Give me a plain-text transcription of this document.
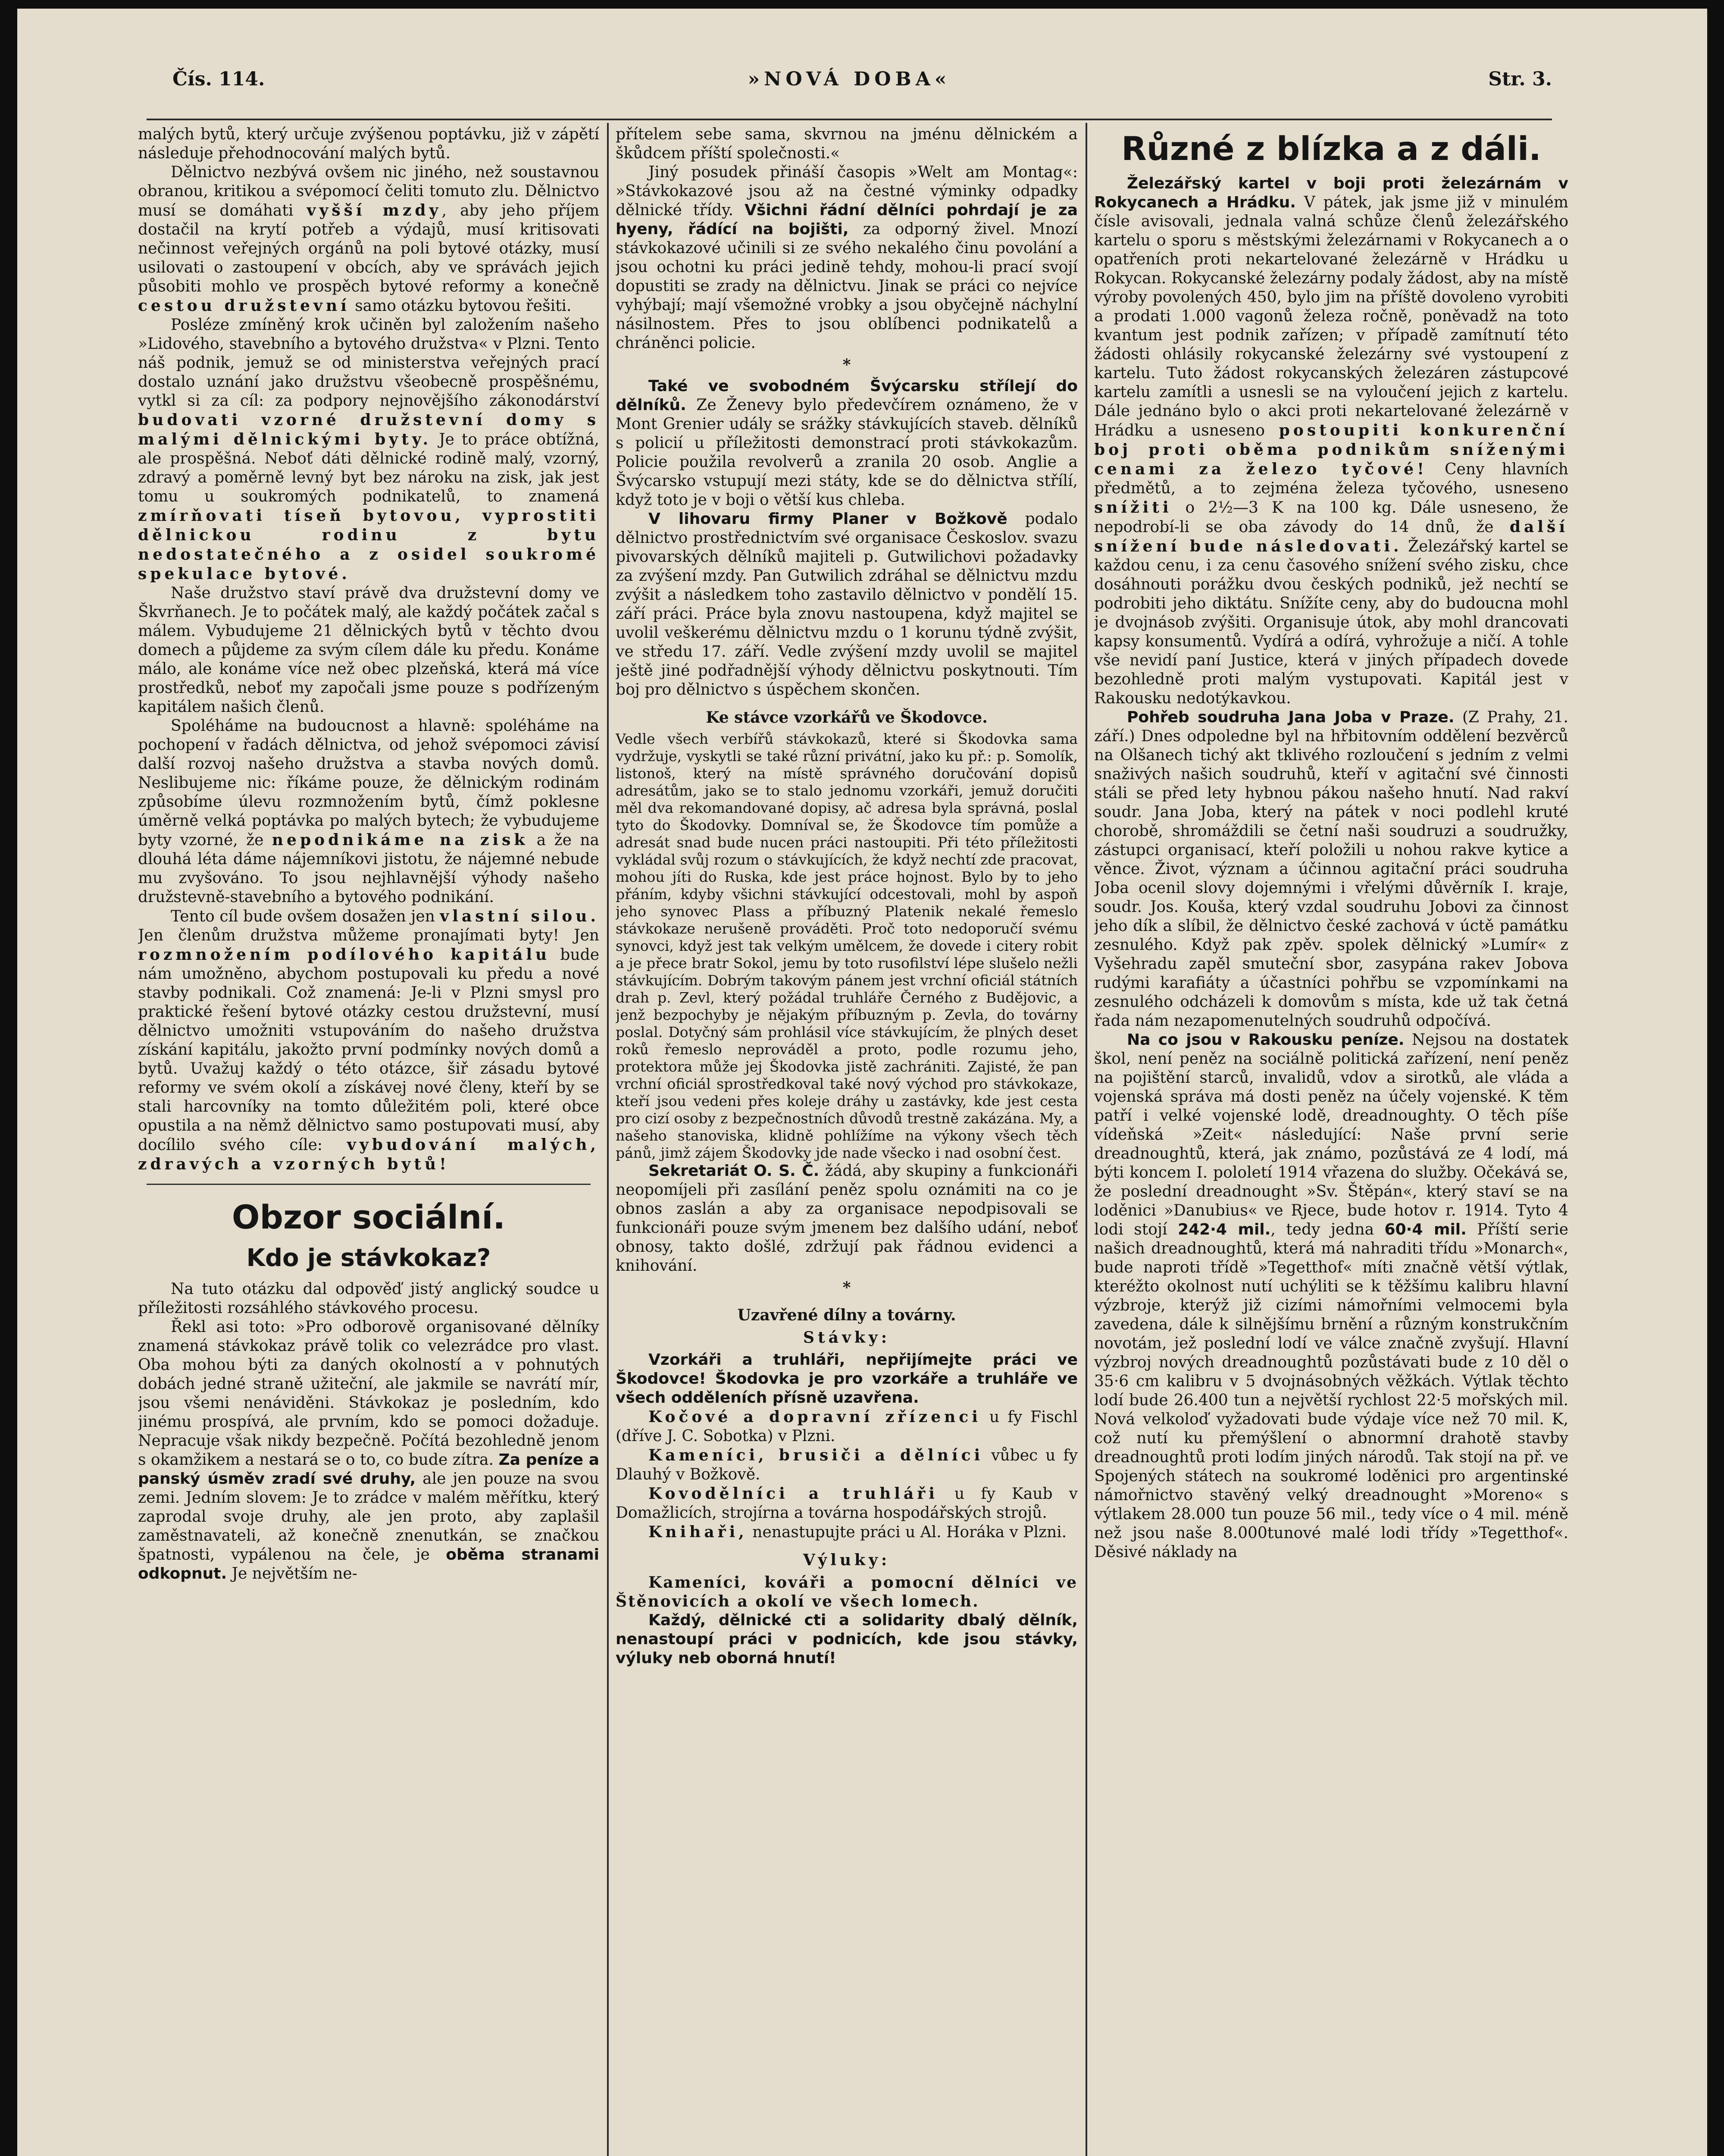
Čís. 114.	»NOVÁ DOBA«	Str. 3.

malých bytů, který určuje zvýšenou poptávku, již v zápětí následuje přehodnocování malých bytů.

Dělnictvo nezbývá ovšem nic jiného, než soustavnou obranou, kritikou a svépomocí čeliti tomuto zlu. Dělnictvo musí se domáhati vyšší mzdy, aby jeho příjem dostačil na krytí potřeb a výdajů, musí kritisovati nečinnost veřejných orgánů na poli bytové otázky, musí usilovati o zastoupení v obcích, aby ve správách jejich působiti mohlo ve prospěch bytové reformy a konečně cestou družstevní samo otázku bytovou řešiti.

Posléze zmíněný krok učiněn byl založením našeho »Lidového, stavebního a bytového družstva« v Plzni. Tento náš podnik, jemuž se od ministerstva veřejných prací dostalo uznání jako družstvu všeobecně prospěšnému, vytkl si za cíl: za podpory nejnovějšího zákonodárství budovati vzorné družstevní domy s malými dělnickými byty. Je to práce obtížná, ale prospěšná. Neboť dáti dělnické rodině malý, vzorný, zdravý a poměrně levný byt bez nároku na zisk, jak jest tomu u soukromých podnikatelů, to znamená zmírňovati tíseň bytovou, vyprostiti dělnickou rodinu z bytu nedostatečného a z osidel soukromé spekulace bytové.

Naše družstvo staví právě dva družstevní domy ve Škvrňanech. Je to počátek malý, ale každý počátek začal s málem. Vybudujeme 21 dělnických bytů v těchto dvou domech a půjdeme za svým cílem dále ku předu. Konáme málo, ale konáme více než obec plzeňská, která má více prostředků, neboť my započali jsme pouze s podřízeným kapitálem našich členů.

Spoléháme na budoucnost a hlavně: spoléháme na pochopení v řadách dělnictva, od jehož svépomoci závisí další rozvoj našeho družstva a stavba nových domů. Neslibujeme nic: říkáme pouze, že dělnickým rodinám způsobíme úlevu rozmnožením bytů, čímž poklesne úměrně velká poptávka po malých bytech; že vybudujeme byty vzorné, že nepodnikáme na zisk a že na dlouhá léta dáme nájemníkovi jistotu, že nájemné nebude mu zvyšováno. To jsou nejhlavnější výhody našeho družstevně-stavebního a bytového podnikání.

Tento cíl bude ovšem dosažen jen vlastní silou. Jen členům družstva můžeme pronajímati byty! Jen rozmnožením podílového kapitálu bude nám umožněno, abychom postupovali ku předu a nové stavby podnikali. Což znamená: Je-li v Plzni smysl pro praktické řešení bytové otázky cestou družstevní, musí dělnictvo umožniti vstupováním do našeho družstva získání kapitálu, jakožto první podmínky nových domů a bytů. Uvažuj každý o této otázce, šiř zásadu bytové reformy ve svém okolí a získávej nové členy, kteří by se stali harcovníky na tomto důležitém poli, které obce opustila a na němž dělnictvo samo postupovati musí, aby docílilo svého cíle: vybudování malých, zdravých a vzorných bytů!

Obzor sociální.
Kdo je stávkokaz?

Na tuto otázku dal odpověď jistý anglický soudce u příležitosti rozsáhlého stávkového procesu.

Řekl asi toto: »Pro odborově organisované dělníky znamená stávkokaz právě tolik co velezrádce pro vlast. Oba mohou býti za daných okolností a v pohnutých dobách jedné straně užiteční, ale jakmile se navrátí mír, jsou všemi nenáviděni. Stávkokaz je posledním, kdo jinému prospívá, ale prvním, kdo se pomoci dožaduje. Nepracuje však nikdy bezpečně. Počítá bezohledně jenom s okamžikem a nestará se o to, co bude zítra. Za peníze a panský úsměv zradí své druhy, ale jen pouze na svou zemi. Jedním slovem: Je to zrádce v malém měřítku, který zaprodal svoje druhy, ale jen proto, aby zaplašil zaměstnavateli, až konečně znenutkán, se značkou špatnosti, vypálenou na čele, je oběma stranami odkopnut. Je největším ne-

přítelem sebe sama, skvrnou na jménu dělnickém a škůdcem příští společnosti.«

Jiný posudek přináší časopis »Welt am Montag«: »Stávkokazové jsou až na čestné výminky odpadky dělnické třídy. Všichni řádní dělníci pohrdají je za hyeny, řádící na bojišti, za odporný živel. Mnozí stávkokazové učinili si ze svého nekalého činu povolání a jsou ochotni ku práci jedině tehdy, mohou-li prací svojí dopustiti se zrady na dělnictvu. Jinak se práci co nejvíce vyhýbají; mají všemožné vrobky a jsou obyčejně náchylní násilnostem. Přes to jsou oblíbenci podnikatelů a chráněnci policie.

*

Také ve svobodném Švýcarsku střílejí do dělníků. Ze Ženevy bylo předevčírem oznámeno, že v Mont Grenier udály se srážky stávkujících staveb. dělníků s policií u příležitosti demonstrací proti stávkokazům. Policie použila revolverů a zranila 20 osob. Anglie a Švýcarsko vstupují mezi státy, kde se do dělnictva střílí, když toto je v boji o větší kus chleba.

V lihovaru firmy Planer v Božkově podalo dělnictvo prostřednictvím své organisace Českoslov. svazu pivovarských dělníků majiteli p. Gutwilichovi požadavky za zvýšení mzdy. Pan Gutwilich zdráhal se dělnictvu mzdu zvýšit a následkem toho zastavilo dělnictvo v pondělí 15. září práci. Práce byla znovu nastoupena, když majitel se uvolil veškerému dělnictvu mzdu o 1 korunu týdně zvýšit, ve středu 17. září. Vedle zvýšení mzdy uvolil se majitel ještě jiné podřadnější výhody dělnictvu poskytnouti. Tím boj pro dělnictvo s úspěchem skončen.

Ke stávce vzorkářů ve Škodovce.

Vedle všech verbířů stávkokazů, které si Škodovka sama vydržuje, vyskytli se také různí privátní, jako ku př.: p. Somolík, listonoš, který na místě správného doručování dopisů adresátům, jako se to stalo jednomu vzorkáři, jemuž doručiti měl dva rekomandované dopisy, ač adresa byla správná, poslal tyto do Škodovky. Domníval se, že Škodovce tím pomůže a adresát snad bude nucen práci nastoupiti. Při této příležitosti vykládal svůj rozum o stávkujících, že když nechtí zde pracovat, mohou jíti do Ruska, kde jest práce hojnost. Bylo by to jeho přáním, kdyby všichni stávkující odcestovali, mohl by aspoň jeho synovec Plass a příbuzný Platenik nekalé řemeslo stávkokaze nerušeně prováděti. Proč toto nedoporučí svému synovci, když jest tak velkým umělcem, že dovede i citery robit a je přece bratr Sokol, jemu by toto rusofilství lépe slušelo nežli stávkujícím. Dobrým takovým pánem jest vrchní oficiál státních drah p. Zevl, který požádal truhláře Černého z Budějovic, a jenž bezpochyby je nějakým příbuzným p. Zevla, do továrny poslal. Dotyčný sám prohlásil více stávkujícím, že plných deset roků řemeslo neprováděl a proto, podle rozumu jeho, protektora může jej Škodovka jistě zachrániti. Zajisté, že pan vrchní oficiál sprostředkoval také nový východ pro stávkokaze, kteří jsou vedeni přes koleje dráhy u zastávky, kde jest cesta pro cizí osoby z bezpečnostních důvodů trestně zakázána. My, a našeho stanoviska, klidně pohlížíme na výkony všech těch pánů, jimž zájem Škodovky jde nade všecko i nad osobní čest.

Sekretariát O. S. Č. žádá, aby skupiny a funkcionáři neopomíjeli při zasílání peněz spolu oznámiti na co je obnos zaslán a aby za organisace nepodpisovali se funkcionáři pouze svým jmenem bez dalšího udání, neboť obnosy, takto došlé, zdržují pak řádnou evidenci a knihování.

*

Uzavřené dílny a továrny.

Stávky:

Vzorkáři a truhláři, nepřijímejte práci ve Škodovce! Škodovka je pro vzorkáře a truhláře ve všech odděleních přísně uzavřena.

Kočové a dopravní zřízenci u fy Fischl (dříve J. C. Sobotka) v Plzni.

Kameníci, brusiči a dělníci vůbec u fy Dlauhý v Božkově.

Kovodělníci a truhláři u fy Kaub v Domažlicích, strojírna a továrna hospodářských strojů.

Knihaři, nenastupujte práci u Al. Horáka v Plzni.

Výluky:

Kameníci, kováři a pomocní dělníci ve Štěnovicích a okolí ve všech lomech.

Každý, dělnické cti a solidarity dbalý dělník, nenastoupí práci v podnicích, kde jsou stávky, výluky neb oborná hnutí!

Různé z blízka a z dáli.

Železářský kartel v boji proti železárnám v Rokycanech a Hrádku. V pátek, jak jsme již v minulém čísle avisovali, jednala valná schůze členů železářského kartelu o sporu s městskými železárnami v Rokycanech a o opatřeních proti nekartelované železárně v Hrádku u Rokycan. Rokycanské železárny podaly žádost, aby na místě výroby povolených 450, bylo jim na příště dovoleno vyrobiti a prodati 1.000 vagonů železa ročně, poněvadž na toto kvantum jest podnik zařízen; v případě zamítnutí této žádosti ohlásily rokycanské železárny své vystoupení z kartelu. Tuto žádost rokycanských železáren zástupcové kartelu zamítli a usnesli se na vyloučení jejich z kartelu. Dále jednáno bylo o akci proti nekartelované železárně v Hrádku a usneseno postoupiti konkurenční boj proti oběma podnikům sníženými cenami za železo tyčové! Ceny hlavních předmětů, a to zejména železa tyčového, usneseno snížiti o 2½—3 K na 100 kg. Dále usneseno, že nepodrobí-li se oba závody do 14 dnů, že další snížení bude následovati. Železářský kartel se každou cenu, i za cenu časového snížení svého zisku, chce dosáhnouti porážku dvou českých podniků, jež nechtí se podrobiti jeho diktátu. Snížíte ceny, aby do budoucna mohl je dvojnásob zvýšiti. Organisuje útok, aby mohl drancovati kapsy konsumentů. Vydírá a odírá, vyhrožuje a ničí. A tohle vše nevidí paní Justice, která v jiných případech dovede bezohledně proti malým vystupovati. Kapitál jest v Rakousku nedotýkavkou.

Pohřeb soudruha Jana Joba v Praze. (Z Prahy, 21. září.) Dnes odpoledne byl na hřbitovním oddělení bezvěrců na Olšanech tichý akt tklivého rozloučení s jedním z velmi snaživých našich soudruhů, kteří v agitační své činnosti stáli se před lety hybnou pákou našeho hnutí. Nad rakví soudr. Jana Joba, který na pátek v noci podlehl kruté chorobě, shromáždili se četní naši soudruzi a soudružky, zástupci organisací, kteří položili u nohou rakve kytice a věnce. Život, význam a účinnou agitační práci soudruha Joba ocenil slovy dojemnými i vřelými důvěrník I. kraje, soudr. Jos. Kouša, který vzdal soudruhu Jobovi za činnost jeho dík a slíbil, že dělnictvo české zachová v úctě památku zesnulého. Když pak zpěv. spolek dělnický »Lumír« z Vyšehradu zapěl smuteční sbor, zasypána rakev Jobova rudými karafiáty a účastníci pohřbu se vzpomínkami na zesnulého odcházeli k domovům s místa, kde už tak četná řada nám nezapomenutelných soudruhů odpočívá.

Na co jsou v Rakousku peníze. Nejsou na dostatek škol, není peněz na sociálně politická zařízení, není peněz na pojištění starců, invalidů, vdov a sirotků, ale vláda a vojenská správa má dosti peněz na účely vojenské. K těm patří i velké vojenské lodě, dreadnoughty. O těch píše vídeňská »Zeit« následující: Naše první serie dreadnoughtů, která, jak známo, pozůstává ze 4 lodí, má býti koncem I. pololetí 1914 vřazena do služby. Očekává se, že poslední dreadnought »Sv. Štěpán«, který staví se na loděnici »Danubius« ve Rjece, bude hotov r. 1914. Tyto 4 lodi stojí 242·4 mil., tedy jedna 60·4 mil. Příští serie našich dreadnoughtů, která má nahraditi třídu »Monarch«, bude naproti třídě »Tegetthof« míti značně větší výtlak, kteréžto okolnost nutí uchýliti se k těžšímu kalibru hlavní výzbroje, kterýž již cizími námořními velmocemi byla zavedena, dále k silnějšímu brnění a různým konstrukčním novotám, jež poslední lodí ve válce značně zvyšují. Hlavní výzbroj nových dreadnoughtů pozůstávati bude z 10 děl o 35·6 cm kalibru v 5 dvojnásobných věžkách. Výtlak těchto lodí bude 26.400 tun a největší rychlost 22·5 mořských mil. Nová velkoloď vyžadovati bude výdaje více než 70 mil. K, což nutí ku přemýšlení o abnormní drahotě stavby dreadnoughtů proti lodím jiných národů. Tak stojí na př. ve Spojených státech na soukromé loděnici pro argentinské námořnictvo stavěný velký dreadnought »Moreno« s výtlakem 28.000 tun pouze 56 mil., tedy více o 4 mil. méně než jsou naše 8.000tunové malé lodi třídy »Tegetthof«. Děsivé náklady na
